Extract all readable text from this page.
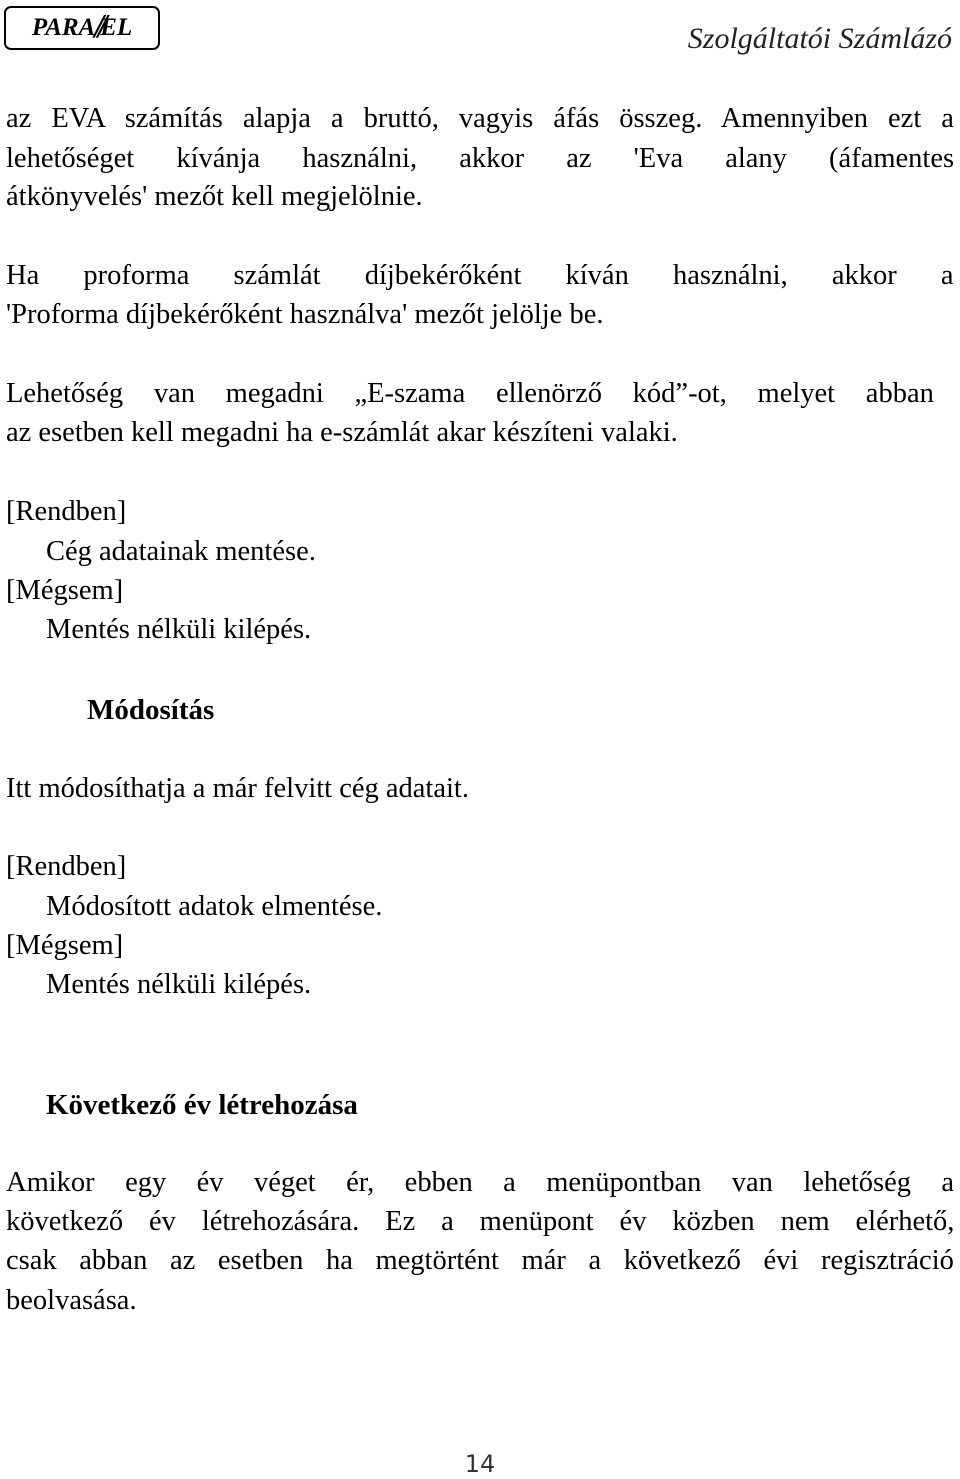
PARA // EL	Szolgáltatói Számlázó
az EVA számítás alapja a bruttó, vagyis áfás összeg. Amennyiben ezt a
lehetőséget kívánja használni, akkor az 'Eva alany (áfamentes
átkönyvelés' mezőt kell megjelölnie.
Ha proforma számlát díjbekérőként kíván használni, akkor a
'Proforma díjbekérőként használva' mezőt jelölje be.
Lehetőség van megadni „E-szama ellenörző kód”-ot, melyet abban
az esetben kell megadni ha e-számlát akar készíteni valaki.
[Rendben]
Cég adatainak mentése.
[Mégsem]
Mentés nélküli kilépés.
Módosítás
Itt módosíthatja a már felvitt cég adatait.
[Rendben]
Módosított adatok elmentése.
[Mégsem]
Mentés nélküli kilépés.
Következő év létrehozása
Amikor egy év véget ér, ebben a menüpontban van lehetőség a
következő év létrehozására. Ez a menüpont év közben nem elérhető,
csak abban az esetben ha megtörtént már a következő évi regisztráció
beolvasása.
14
